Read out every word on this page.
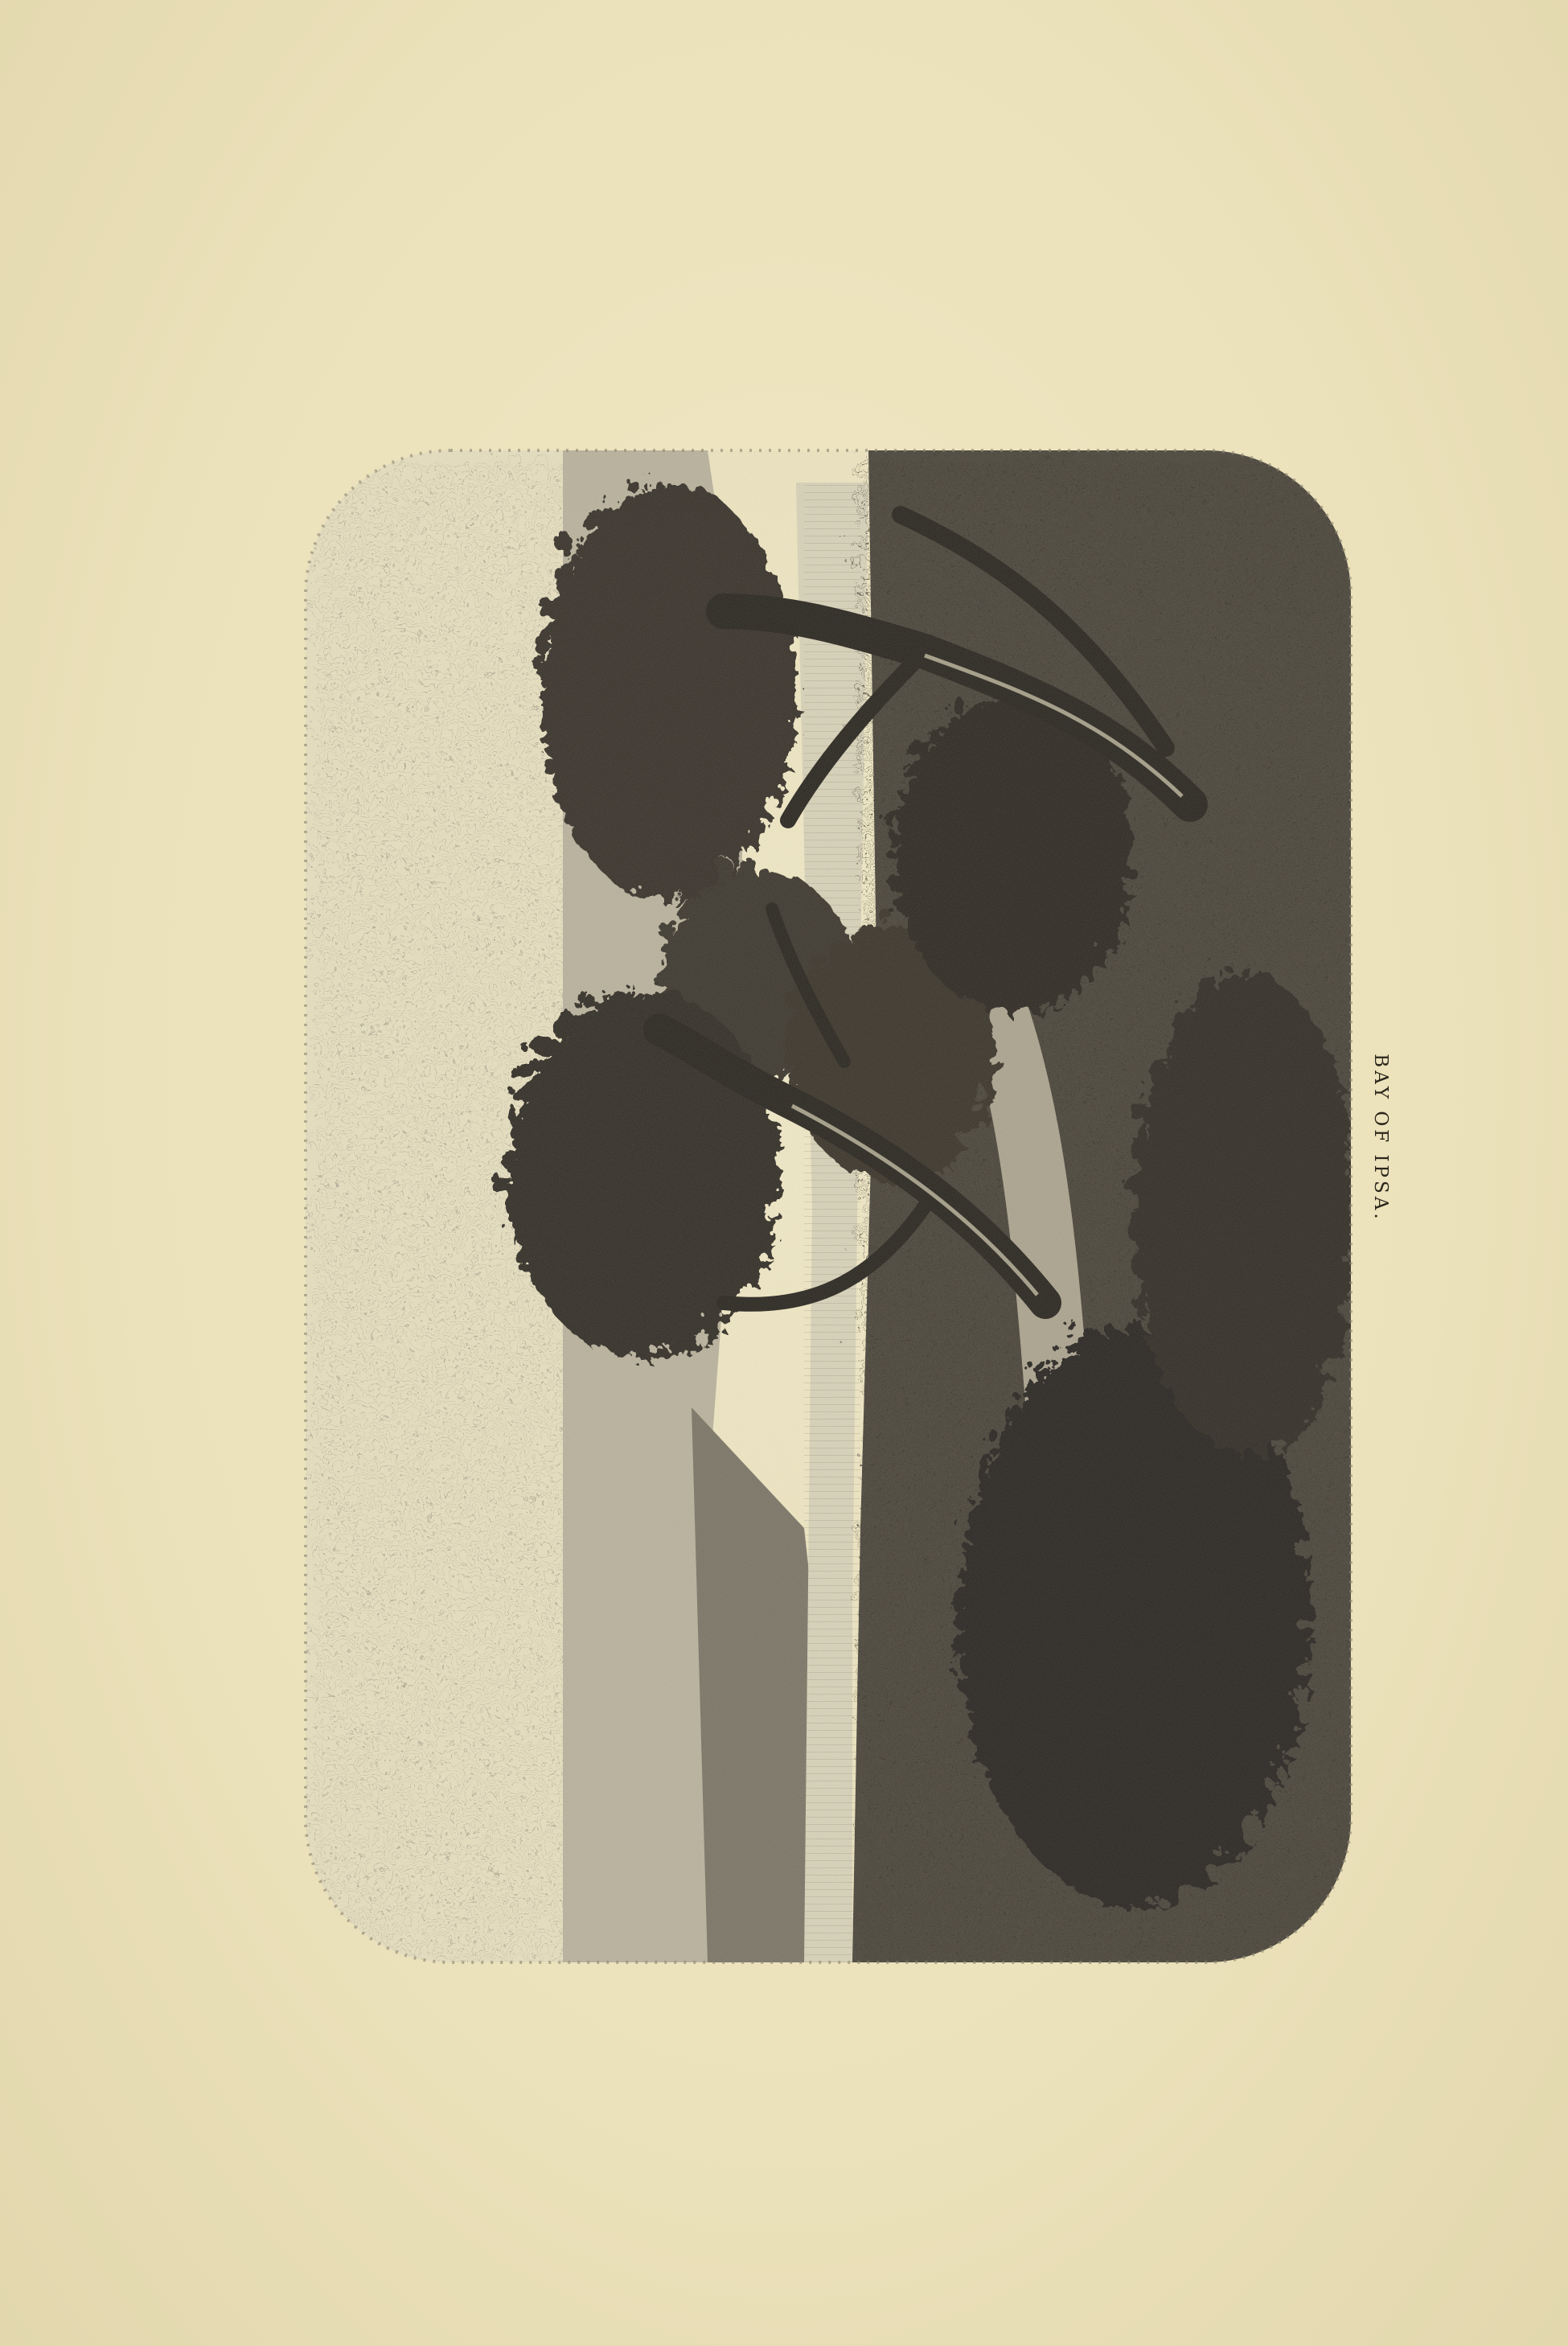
BAY OF IPSA.
